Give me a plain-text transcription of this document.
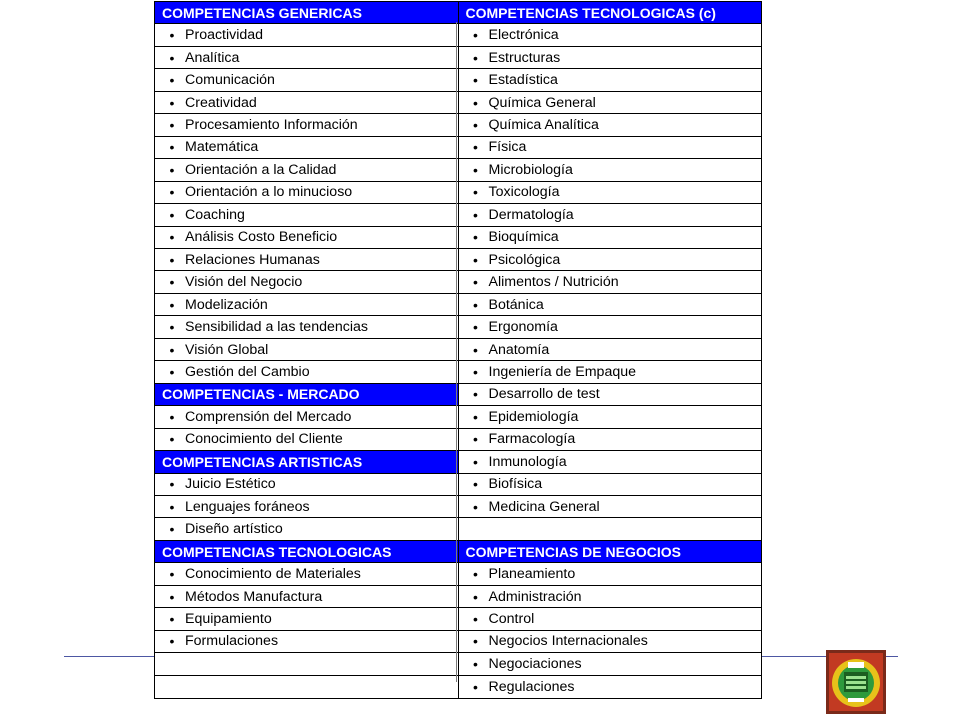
COMPETENCIAS GENERICAS
• Proactividad
• Analítica
• Comunicación
• Creatividad
• Procesamiento Información
• Matemática
• Orientación a la Calidad
• Orientación a lo minucioso
• Coaching
• Análisis Costo Beneficio
• Relaciones Humanas
• Visión del Negocio
• Modelización
• Sensibilidad a las tendencias
• Visión Global
• Gestión del Cambio
COMPETENCIAS - MERCADO
• Comprensión del Mercado
• Conocimiento del Cliente
COMPETENCIAS ARTISTICAS
• Juicio Estético
• Lenguajes foráneos
• Diseño artístico
COMPETENCIAS TECNOLOGICAS
• Conocimiento de Materiales
• Métodos Manufactura
• Equipamiento
• Formulaciones
COMPETENCIAS TECNOLOGICAS (c)
• Electrónica
• Estructuras
• Estadística
• Química General
• Química Analítica
• Física
• Microbiología
• Toxicología
• Dermatología
• Bioquímica
• Psicológica
• Alimentos / Nutrición
• Botánica
• Ergonomía
• Anatomía
• Ingeniería de Empaque
• Desarrollo de test
• Epidemiología
• Farmacología
• Inmunología
• Biofísica
• Medicina General
COMPETENCIAS DE NEGOCIOS
• Planeamiento
• Administración
• Control
• Negocios Internacionales
• Negociaciones
• Regulaciones
